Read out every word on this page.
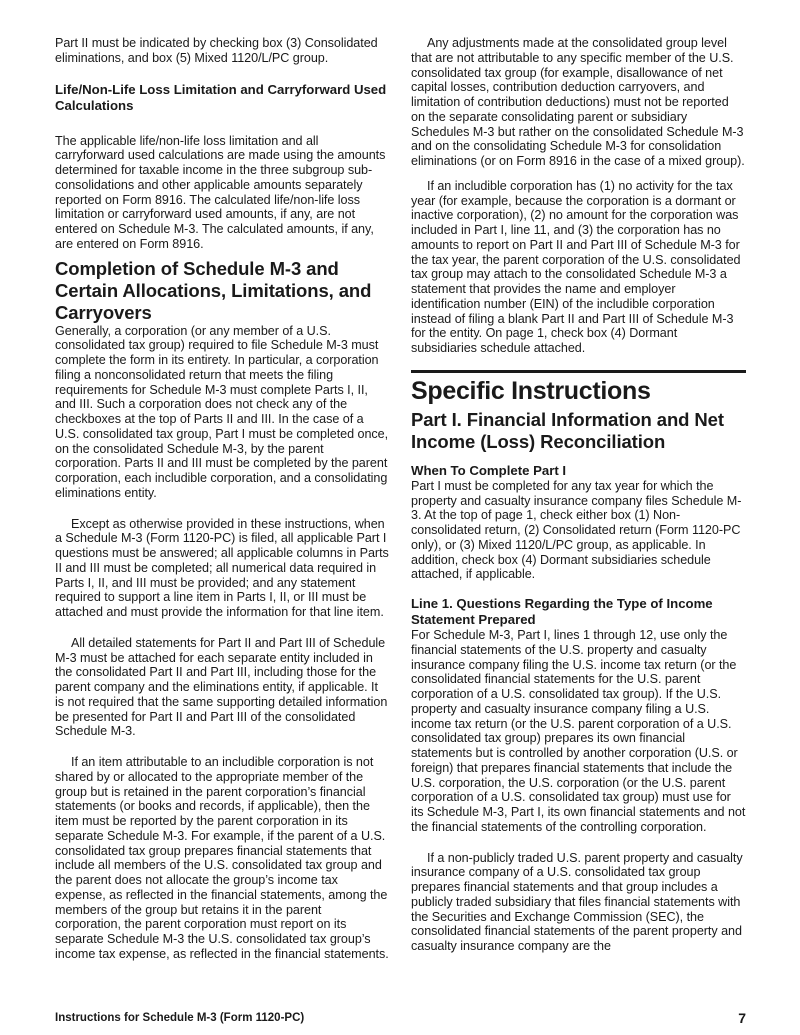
Part II must be indicated by checking box (3) Consolidated eliminations, and box (5) Mixed 1120/L/PC group.

Life/Non-Life Loss Limitation and Carryforward Used Calculations

The applicable life/non-life loss limitation and all carryforward used calculations are made using the amounts determined for taxable income in the three subgroup sub-consolidations and other applicable amounts separately reported on Form 8916. The calculated life/non-life loss limitation or carryforward used amounts, if any, are not entered on Schedule M-3. The calculated amounts, if any, are entered on Form 8916.

Completion of Schedule M-3 and Certain Allocations, Limitations, and Carryovers

Generally, a corporation (or any member of a U.S. consolidated tax group) required to file Schedule M-3 must complete the form in its entirety. In particular, a corporation filing a nonconsolidated return that meets the filing requirements for Schedule M-3 must complete Parts I, II, and III. Such a corporation does not check any of the checkboxes at the top of Parts II and III. In the case of a U.S. consolidated tax group, Part I must be completed once, on the consolidated Schedule M-3, by the parent corporation. Parts II and III must be completed by the parent corporation, each includible corporation, and a consolidating eliminations entity.

Except as otherwise provided in these instructions, when a Schedule M-3 (Form 1120-PC) is filed, all applicable Part I questions must be answered; all applicable columns in Parts II and III must be completed; all numerical data required in Parts I, II, and III must be provided; and any statement required to support a line item in Parts I, II, or III must be attached and must provide the information for that line item.

All detailed statements for Part II and Part III of Schedule M-3 must be attached for each separate entity included in the consolidated Part II and Part III, including those for the parent company and the eliminations entity, if applicable. It is not required that the same supporting detailed information be presented for Part II and Part III of the consolidated Schedule M-3.

If an item attributable to an includible corporation is not shared by or allocated to the appropriate member of the group but is retained in the parent corporation’s financial statements (or books and records, if applicable), then the item must be reported by the parent corporation in its separate Schedule M-3. For example, if the parent of a U.S. consolidated tax group prepares financial statements that include all members of the U.S. consolidated tax group and the parent does not allocate the group’s income tax expense, as reflected in the financial statements, among the members of the group but retains it in the parent corporation, the parent corporation must report on its separate Schedule M-3 the U.S. consolidated tax group’s income tax expense, as reflected in the financial statements.

Any adjustments made at the consolidated group level that are not attributable to any specific member of the U.S. consolidated tax group (for example, disallowance of net capital losses, contribution deduction carryovers, and limitation of contribution deductions) must not be reported on the separate consolidating parent or subsidiary Schedules M-3 but rather on the consolidated Schedule M-3 and on the consolidating Schedule M-3 for consolidation eliminations (or on Form 8916 in the case of a mixed group).

If an includible corporation has (1) no activity for the tax year (for example, because the corporation is a dormant or inactive corporation), (2) no amount for the corporation was included in Part I, line 11, and (3) the corporation has no amounts to report on Part II and Part III of Schedule M-3 for the tax year, the parent corporation of the U.S. consolidated tax group may attach to the consolidated Schedule M-3 a statement that provides the name and employer identification number (EIN) of the includible corporation instead of filing a blank Part II and Part III of Schedule M-3 for the entity. On page 1, check box (4) Dormant subsidiaries schedule attached.

Specific Instructions
Part I. Financial Information and Net Income (Loss) Reconciliation
When To Complete Part I

Part I must be completed for any tax year for which the property and casualty insurance company files Schedule M-3. At the top of page 1, check either box (1) Non-consolidated return, (2) Consolidated return (Form 1120-PC only), or (3) Mixed 1120/L/PC group, as applicable. In addition, check box (4) Dormant subsidiaries schedule attached, if applicable.

Line 1. Questions Regarding the Type of Income Statement Prepared

For Schedule M-3, Part I, lines 1 through 12, use only the financial statements of the U.S. property and casualty insurance company filing the U.S. income tax return (or the consolidated financial statements for the U.S. parent corporation of a U.S. consolidated tax group). If the U.S. property and casualty insurance company filing a U.S. income tax return (or the U.S. parent corporation of a U.S. consolidated tax group) prepares its own financial statements but is controlled by another corporation (U.S. or foreign) that prepares financial statements that include the U.S. corporation, the U.S. corporation (or the U.S. parent corporation of a U.S. consolidated tax group) must use for its Schedule M-3, Part I, its own financial statements and not the financial statements of the controlling corporation.

If a non-publicly traded U.S. parent property and casualty insurance company of a U.S. consolidated tax group prepares financial statements and that group includes a publicly traded subsidiary that files financial statements with the Securities and Exchange Commission (SEC), the consolidated financial statements of the parent property and casualty insurance company are the

Instructions for Schedule M-3 (Form 1120-PC)	7
